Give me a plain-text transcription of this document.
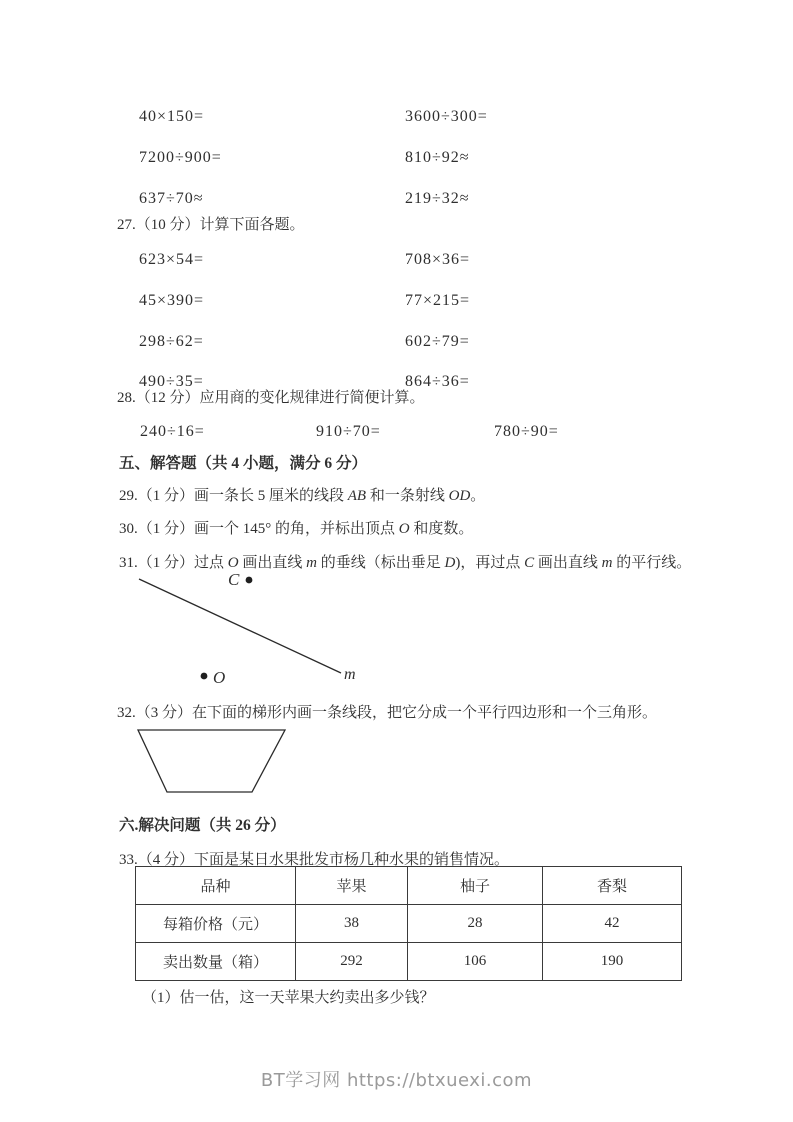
40×150=	3600÷300=
7200÷900=	810÷92≈
637÷70≈	219÷32≈
27.（10 分）计算下面各题。
623×54=	708×36=
45×390=	77×215=
298÷62=	602÷79=
490÷35=	864÷36=
28.（12 分）应用商的变化规律进行简便计算。
240÷16=	910÷70=	780÷90=
五、解答题（共 4 小题，满分 6 分）
29.（1 分）画一条长 5 厘米的线段 AB 和一条射线 OD。
30.（1 分）画一个 145° 的角，并标出顶点 O 和度数。
31.（1 分）过点 O 画出直线 m 的垂线（标出垂足 D)，再过点 C 画出直线 m 的平行线。
C
O	m
32.（3 分）在下面的梯形内画一条线段，把它分成一个平行四边形和一个三角形。
六.解决问题（共 26 分）
33.（4 分）下面是某日水果批发市杨几种水果的销售情况。
品种	苹果	柚子	香梨
每箱价格（元）	38	28	42
卖出数量（箱）	292	106	190
（1）估一估，这一天苹果大约卖出多少钱？
BT学习网 https://btxuexi.com
